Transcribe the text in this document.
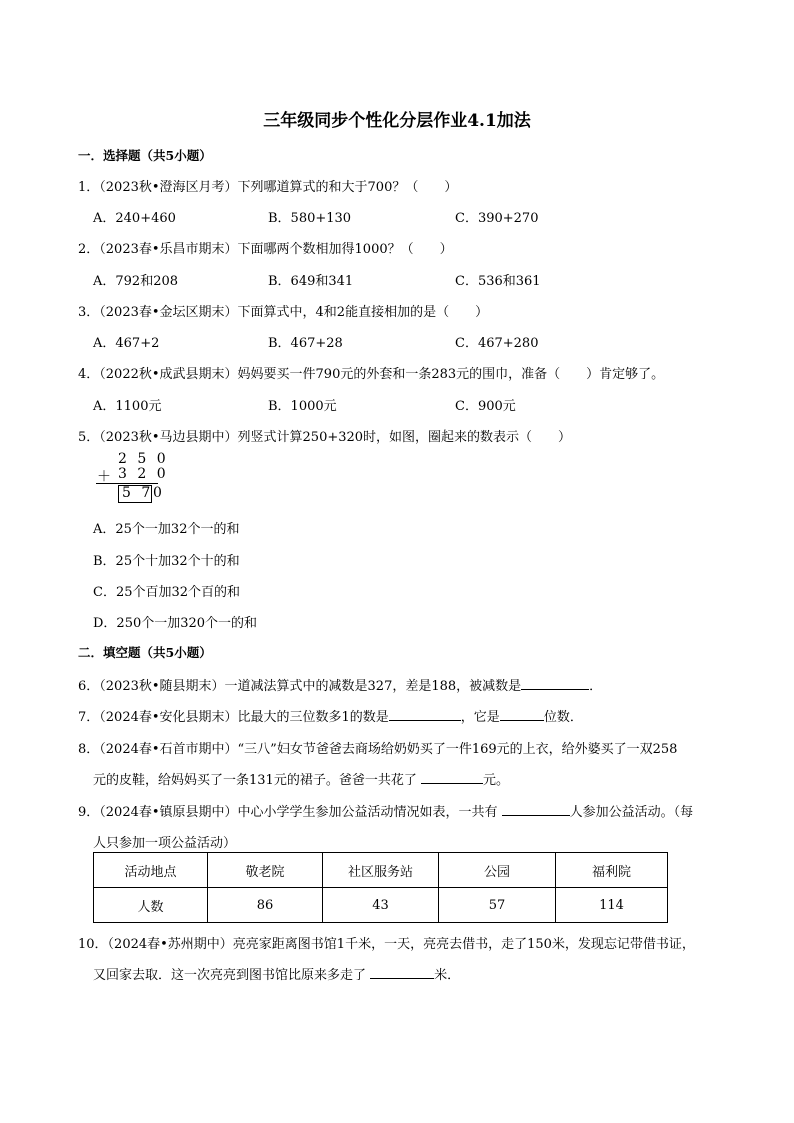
三年级同步个性化分层作业4.1加法
一．选择题（共5小题）
1．（2023秋•澄海区月考）下列哪道算式的和大于700？（　　）
A．240+460	B．580+130	C．390+270
2．（2023春•乐昌市期末）下面哪两个数相加得1000？（　　）
A．792和208	B．649和341	C．536和361
3．（2023春•金坛区期末）下面算式中，4和2能直接相加的是（　　）
A．467+2	B．467+28	C．467+280
4．（2022秋•成武县期末）妈妈要买一件790元的外套和一条283元的围巾，准备（　　）肯定够了。
A．1100元	B．1000元	C．900元
5．（2023秋•马边县期中）列竖式计算250+320时，如图，圈起来的数表示（　　）
2 5 0
＋ 3 2 0
5 7 0
A．25个一加32个一的和
B．25个十加32个十的和
C．25个百加32个百的和
D．250个一加320个一的和
二．填空题（共5小题）
6．（2023秋•随县期末）一道减法算式中的减数是327，差是188，被减数是	．
7．（2024春•安化县期末）比最大的三位数多1的数是	，它是	位数．
8．（2024春•石首市期中）“三八”妇女节爸爸去商场给奶奶买了一件169元的上衣，给外婆买了一双258
元的皮鞋，给妈妈买了一条131元的裙子。爸爸一共花了	元。
9．（2024春•镇原县期中）中心小学学生参加公益活动情况如表，一共有	人参加公益活动。（每
人只参加一项公益活动）
活动地点	敬老院	社区服务站	公园	福利院
人数	86	43	57	114
10．（2024春•苏州期中）亮亮家距离图书馆1千米，一天，亮亮去借书，走了150米，发现忘记带借书证，
又回家去取．这一次亮亮到图书馆比原来多走了	米．
